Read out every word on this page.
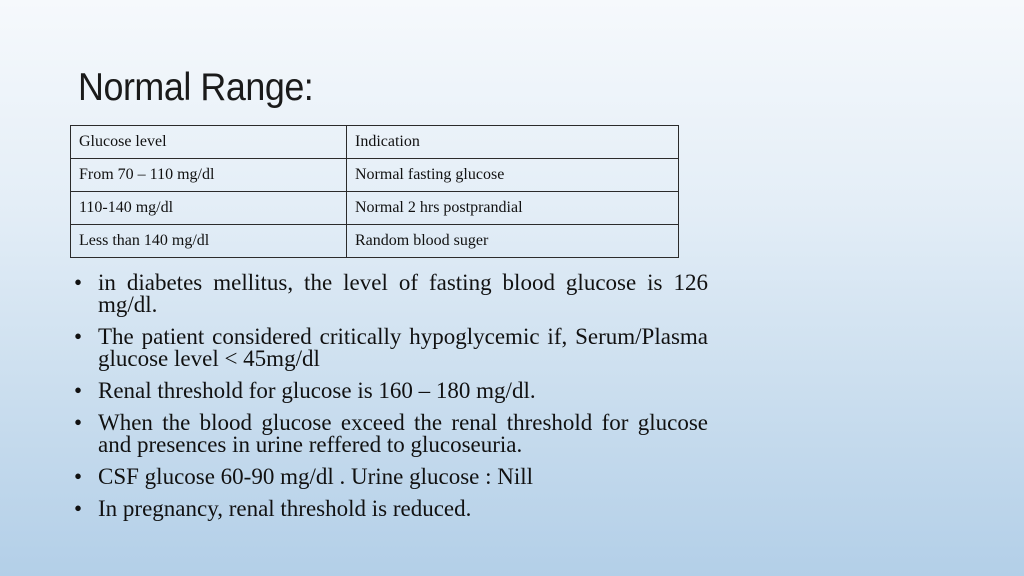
Normal Range:
Glucose level	Indication
From 70 – 110 mg/dl	Normal fasting glucose
110-140 mg/dl	Normal 2 hrs postprandial
Less than 140 mg/dl	Random blood suger
• in diabetes mellitus, the level of fasting blood glucose is 126 mg/dl.
• The patient considered critically hypoglycemic if, Serum/Plasma glucose level < 45mg/dl
• Renal threshold for glucose is 160 – 180 mg/dl.
• When the blood glucose exceed the renal threshold for glucose and presences in urine reffered to glucoseuria.
• CSF glucose 60-90 mg/dl . Urine glucose : Nill
• In pregnancy, renal threshold is reduced.
